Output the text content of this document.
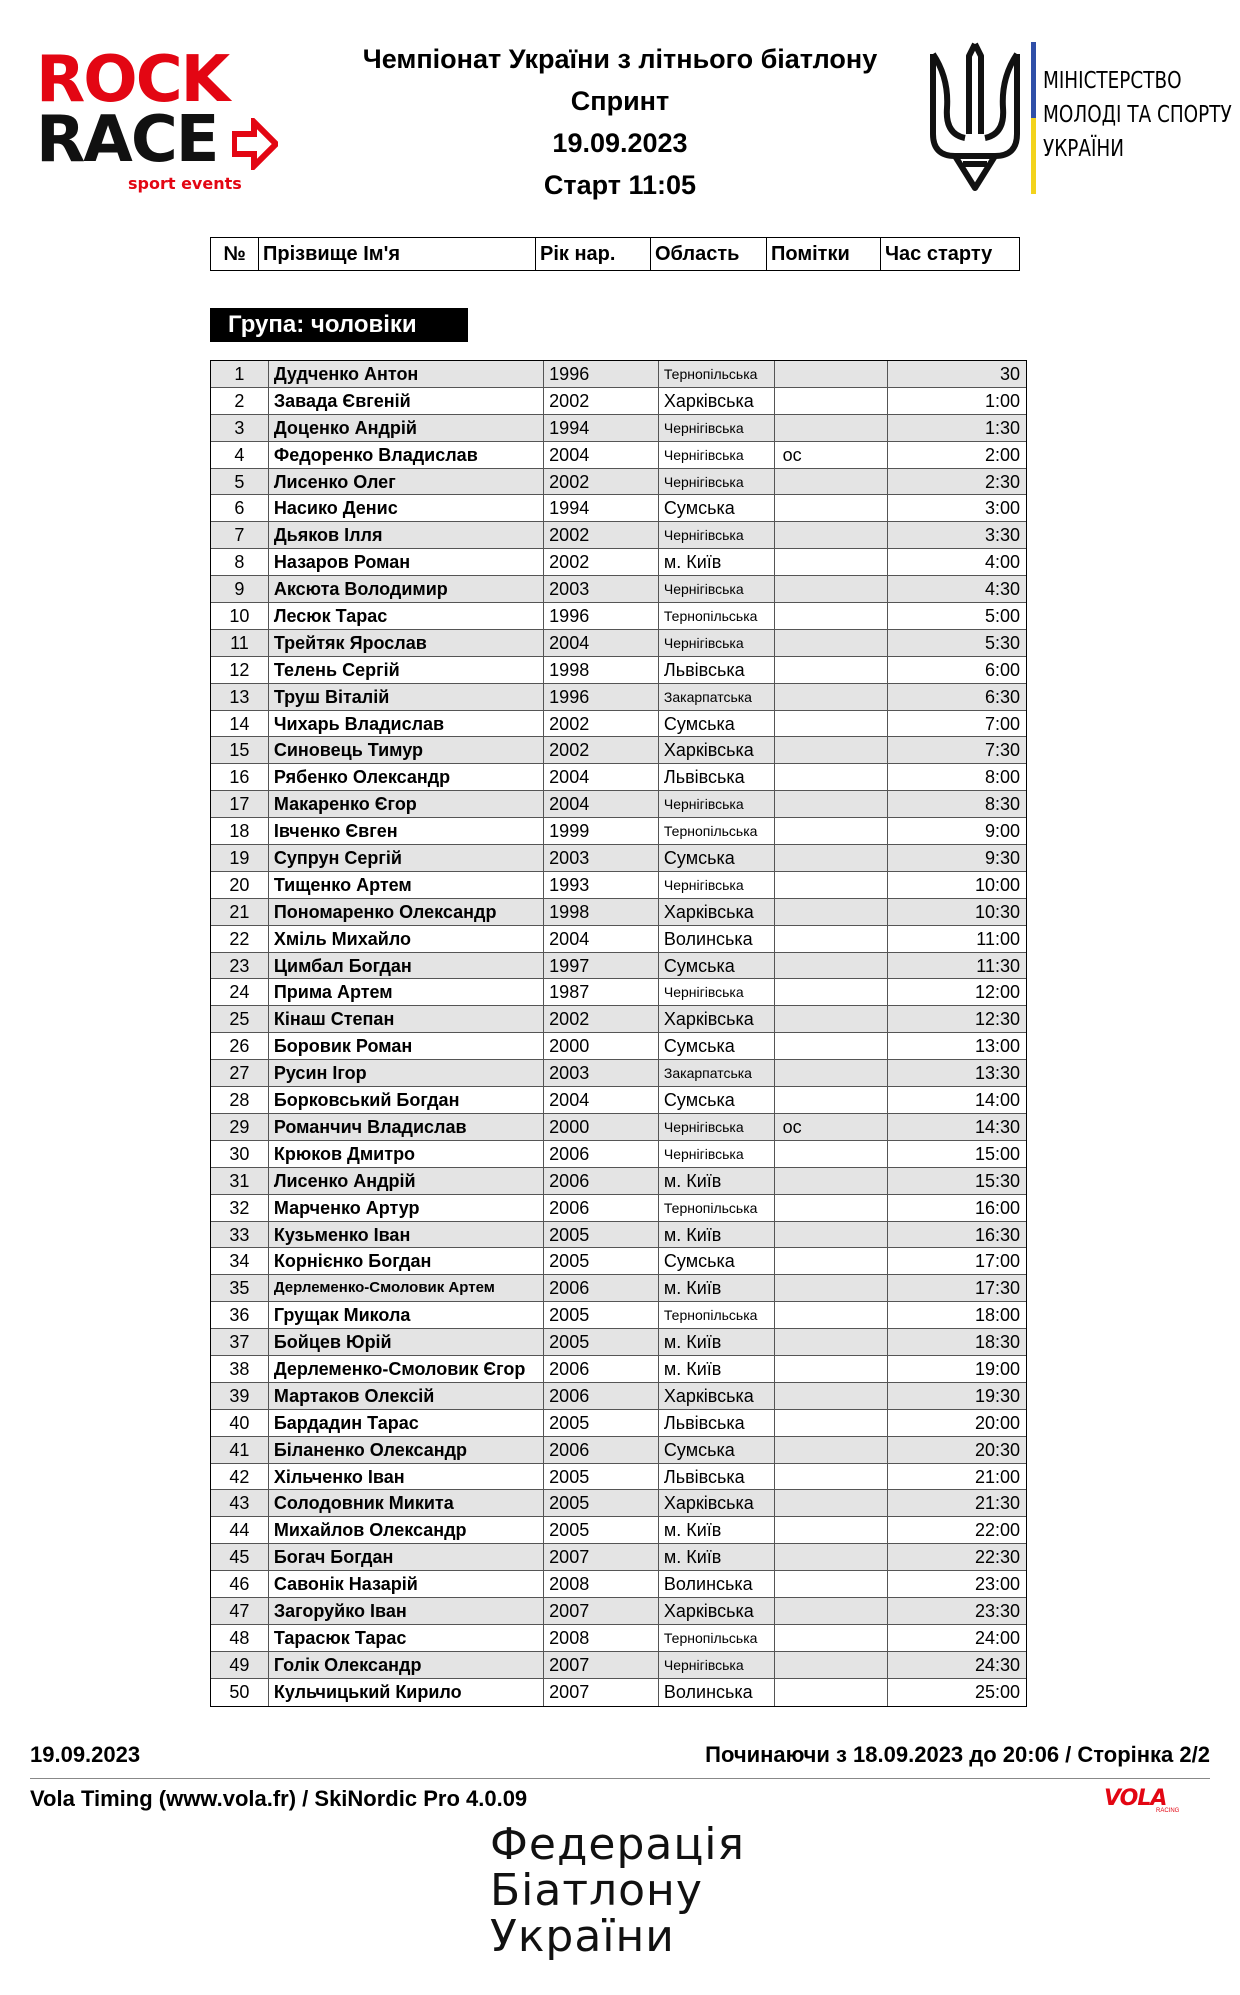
ROCK
RACE
sport events
Чемпіонат України з літнього біатлону
Спринт
19.09.2023
Старт 11:05
МІНІСТЕРСТВО
МОЛОДІ ТА СПОРТУ
УКРАЇНИ
№ Прізвище Ім'я	Рік нар.	Область	Помітки	Час старту
Група: чоловіки
1	Дудченко Антон	1996	Тернопільська	30
2	Завада Євгеній	2002	Харківська	1:00
3	Доценко Андрій	1994	Чернігівська	1:30
4	Федоренко Владислав	2004	Чернігівська	ос	2:00
5	Лисенко Олег	2002	Чернігівська	2:30
6	Насико Денис	1994	Сумська	3:00
7	Дьяков Ілля	2002	Чернігівська	3:30
8	Назаров Роман	2002	м. Київ	4:00
9	Аксюта Володимир	2003	Чернігівська	4:30
10	Лесюк Тарас	1996	Тернопільська	5:00
11	Трейтяк Ярослав	2004	Чернігівська	5:30
12	Телень Сергій	1998	Львівська	6:00
13	Труш Віталій	1996	Закарпатська	6:30
14	Чихарь Владислав	2002	Сумська	7:00
15	Синовець Тимур	2002	Харківська	7:30
16	Рябенко Олександр	2004	Львівська	8:00
17	Макаренко Єгор	2004	Чернігівська	8:30
18	Івченко Євген	1999	Тернопільська	9:00
19	Супрун Сергій	2003	Сумська	9:30
20	Тищенко Артем	1993	Чернігівська	10:00
21	Пономаренко Олександр	1998	Харківська	10:30
22	Хміль Михайло	2004	Волинська	11:00
23	Цимбал Богдан	1997	Сумська	11:30
24	Прима Артем	1987	Чернігівська	12:00
25	Кінаш Степан	2002	Харківська	12:30
26	Боровик Роман	2000	Сумська	13:00
27	Русин Ігор	2003	Закарпатська	13:30
28	Борковський Богдан	2004	Сумська	14:00
29	Романчич Владислав	2000	Чернігівська	ос	14:30
30	Крюков Дмитро	2006	Чернігівська	15:00
31	Лисенко Андрій	2006	м. Київ	15:30
32	Марченко Артур	2006	Тернопільська	16:00
33	Кузьменко Іван	2005	м. Київ	16:30
34	Корнієнко Богдан	2005	Сумська	17:00
35	Дерлеменко-Смоловик Артем	2006	м. Київ	17:30
36	Грущак Микола	2005	Тернопільська	18:00
37	Бойцев Юрій	2005	м. Київ	18:30
38	Дерлеменко-Смоловик Єгор	2006	м. Київ	19:00
39	Мартаков Олексій	2006	Харківська	19:30
40	Бардадин Тарас	2005	Львівська	20:00
41	Біланенко Олександр	2006	Сумська	20:30
42	Хільченко Іван	2005	Львівська	21:00
43	Солодовник Микита	2005	Харківська	21:30
44	Михайлов Олександр	2005	м. Київ	22:00
45	Богач Богдан	2007	м. Київ	22:30
46	Савонік Назарій	2008	Волинська	23:00
47	Загоруйко Іван	2007	Харківська	23:30
48	Тарасюк Тарас	2008	Тернопільська	24:00
49	Голік Олександр	2007	Чернігівська	24:30
50	Кульчицький Кирило	2007	Волинська	25:00
19.09.2023	Починаючи з 18.09.2023 до 20:06 / Сторінка 2/2
Vola Timing (www.vola.fr) / SkiNordic Pro 4.0.09	VOLA
RACING
Федерація
Біатлону
України
